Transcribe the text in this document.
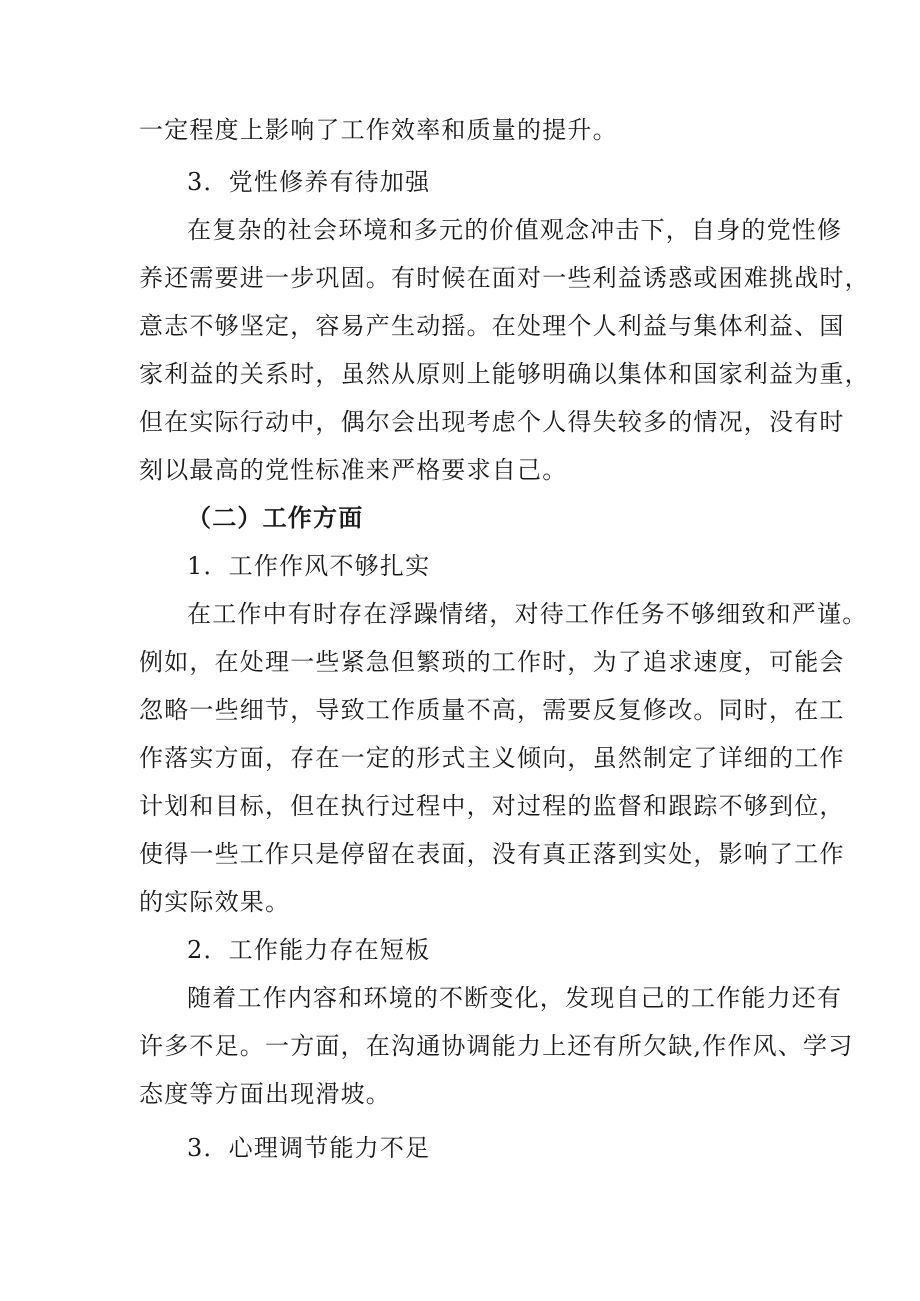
一定程度上影响了工作效率和质量的提升。
3．党性修养有待加强
在复杂的社会环境和多元的价值观念冲击下，自身的党性修
养还需要进一步巩固。有时候在面对一些利益诱惑或困难挑战时，
意志不够坚定，容易产生动摇。在处理个人利益与集体利益、国
家利益的关系时，虽然从原则上能够明确以集体和国家利益为重，
但在实际行动中，偶尔会出现考虑个人得失较多的情况，没有时
刻以最高的党性标准来严格要求自己。
（二）工作方面
1．工作作风不够扎实
在工作中有时存在浮躁情绪，对待工作任务不够细致和严谨。
例如，在处理一些紧急但繁琐的工作时，为了追求速度，可能会
忽略一些细节，导致工作质量不高，需要反复修改。同时，在工
作落实方面，存在一定的形式主义倾向，虽然制定了详细的工作
计划和目标，但在执行过程中，对过程的监督和跟踪不够到位，
使得一些工作只是停留在表面，没有真正落到实处，影响了工作
的实际效果。
2．工作能力存在短板
随着工作内容和环境的不断变化，发现自己的工作能力还有
许多不足。一方面，在沟通协调能力上还有所欠缺,作作风、学习
态度等方面出现滑坡。
3．心理调节能力不足
